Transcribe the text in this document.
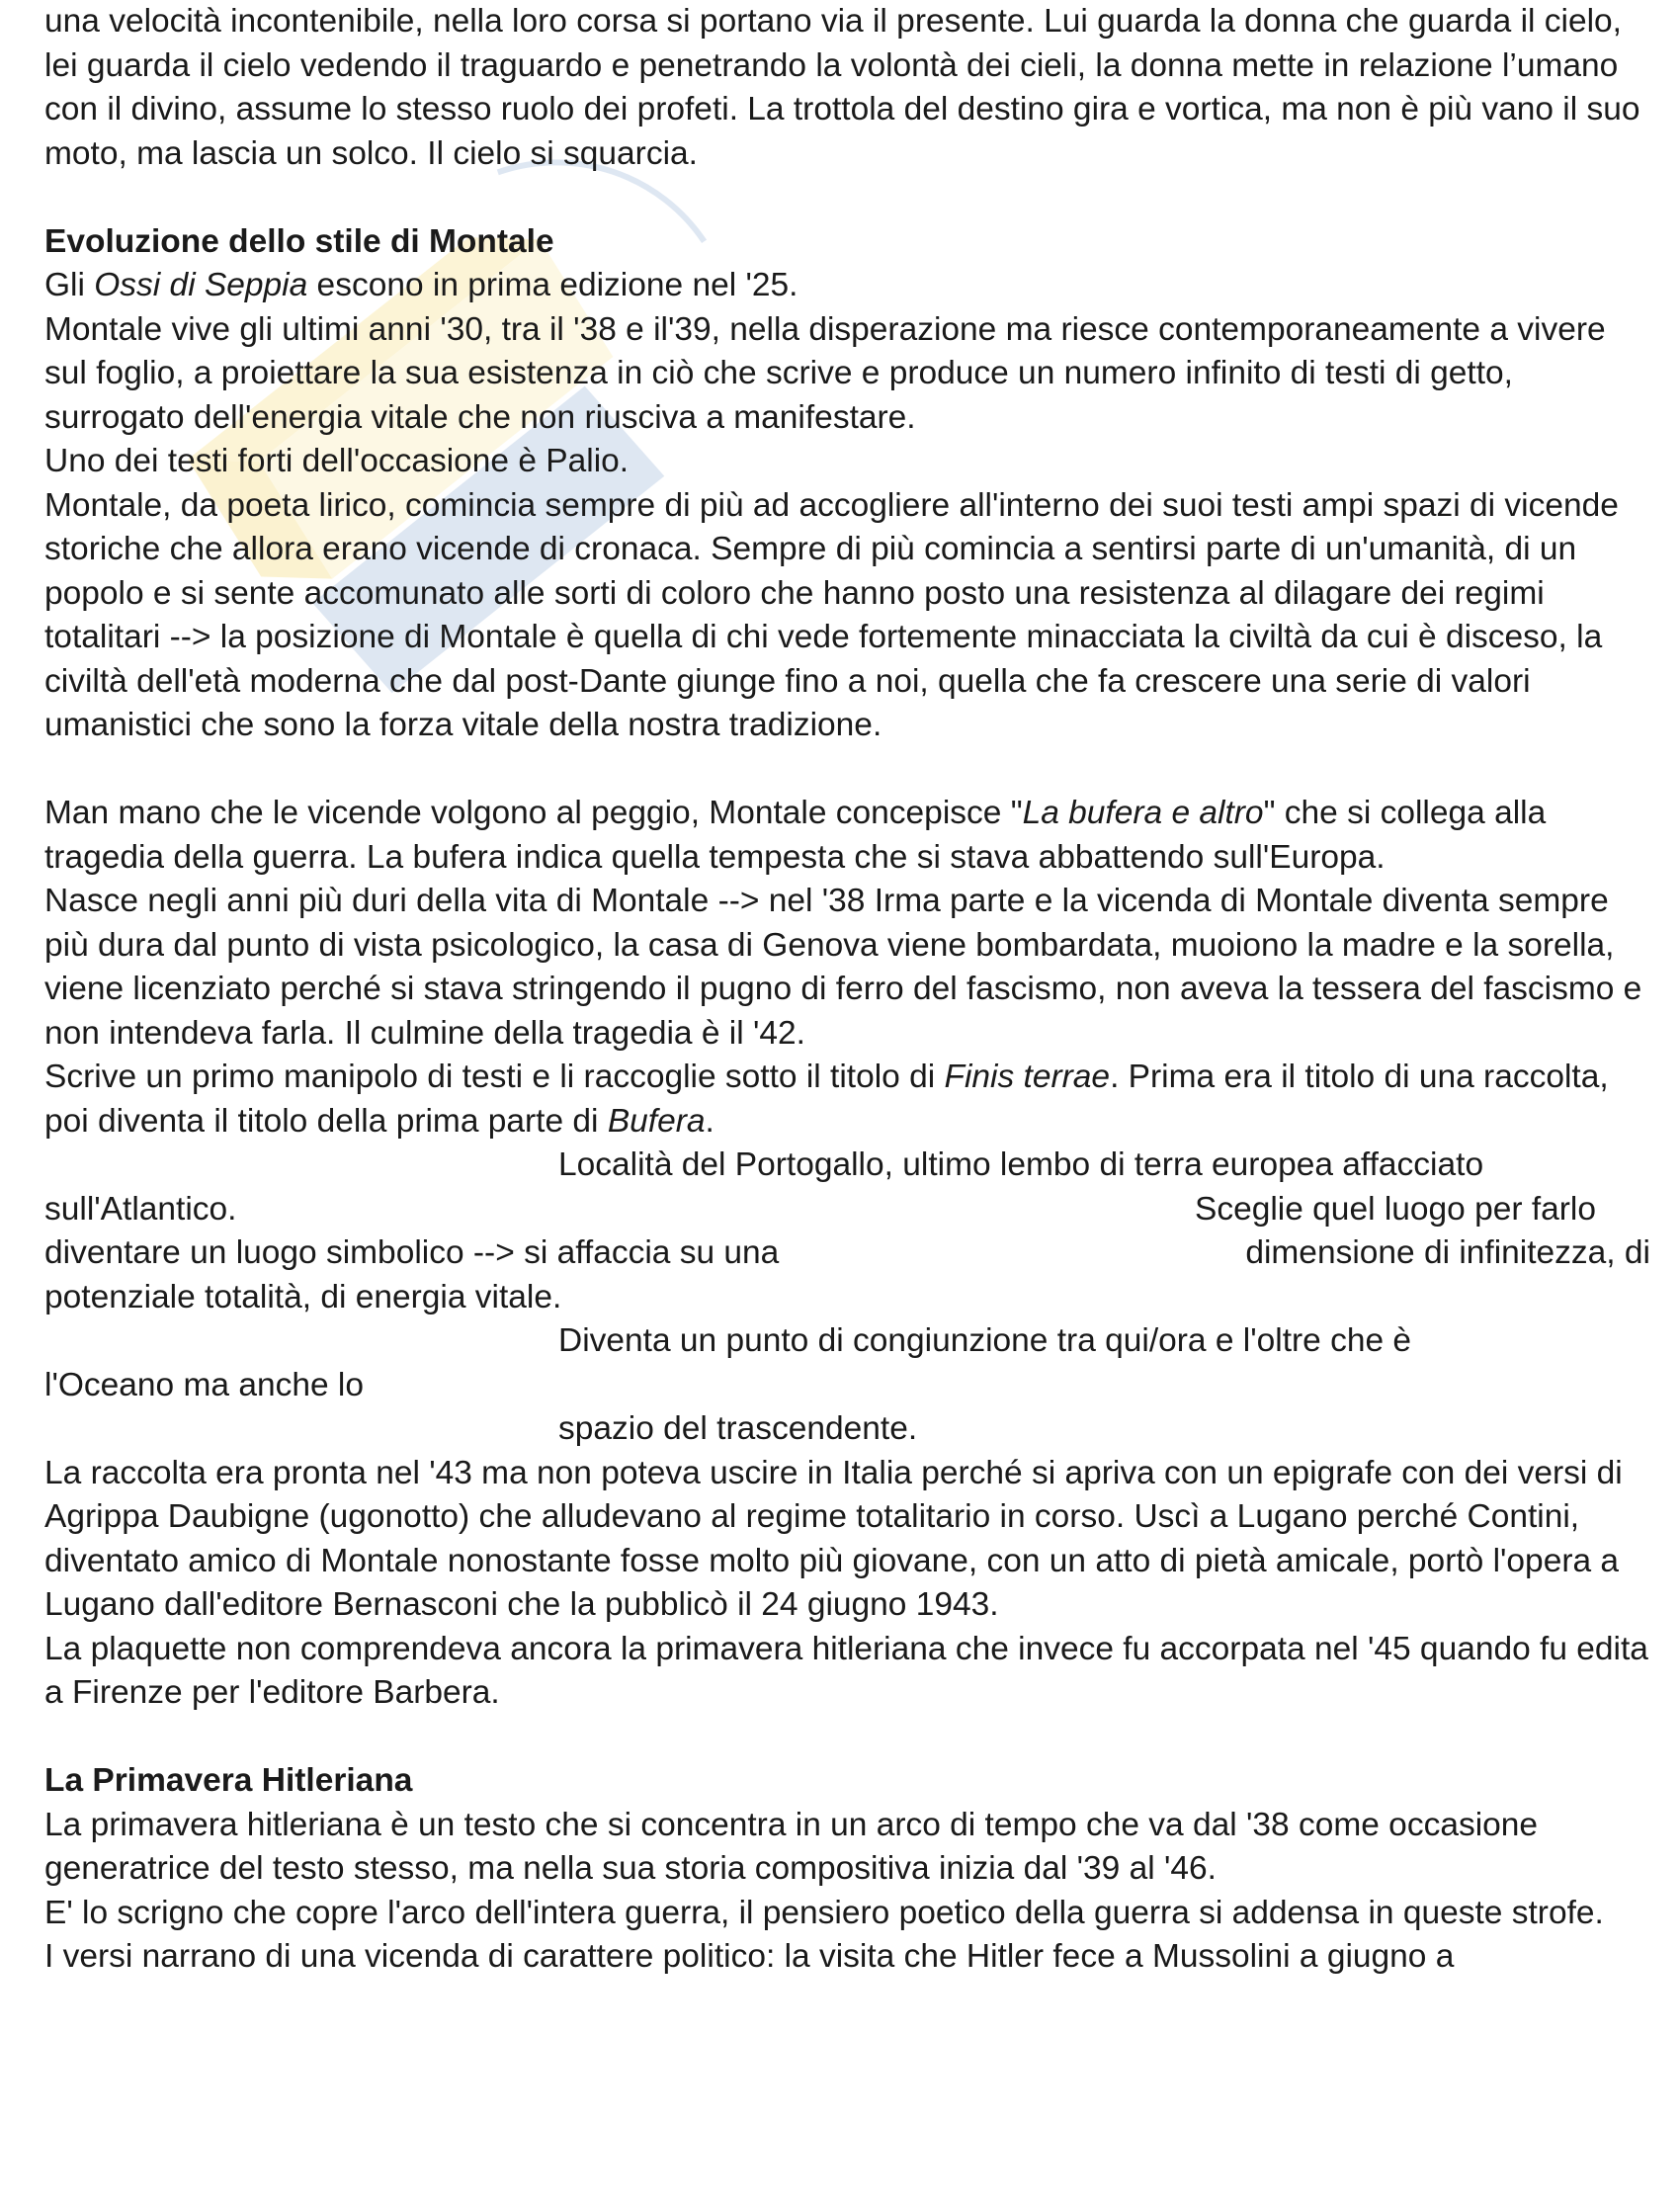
una velocità incontenibile, nella loro corsa si portano via il presente. Lui guarda la donna che guarda il cielo, lei guarda il cielo vedendo il traguardo e penetrando la volontà dei cieli, la donna mette in relazione l’umano con il divino, assume lo stesso ruolo dei profeti. La trottola del destino gira e vortica, ma non è più vano il suo moto, ma lascia un solco. Il cielo si squarcia.

Evoluzione dello stile di Montale

Gli Ossi di Seppia escono in prima edizione nel '25.

Montale vive gli ultimi anni '30, tra il '38 e il'39, nella disperazione ma riesce contemporaneamente a vivere sul foglio, a proiettare la sua esistenza in ciò che scrive e produce un numero infinito di testi di getto, surrogato dell'energia vitale che non riusciva a manifestare.

Uno dei testi forti dell'occasione è Palio.

Montale, da poeta lirico, comincia sempre di più ad accogliere all'interno dei suoi testi ampi spazi di vicende storiche che allora erano vicende di cronaca. Sempre di più comincia a sentirsi parte di un'umanità, di un popolo e si sente accomunato alle sorti di coloro che hanno posto una resistenza al dilagare dei regimi totalitari --> la posizione di Montale è quella di chi vede fortemente minacciata la civiltà da cui è disceso, la civiltà dell'età moderna che dal post-Dante giunge fino a noi, quella che fa crescere una serie di valori umanistici che sono la forza vitale della nostra tradizione.

Man mano che le vicende volgono al peggio, Montale concepisce "La bufera e altro" che si collega alla tragedia della guerra. La bufera indica quella tempesta che si stava abbattendo sull'Europa.

Nasce negli anni più duri della vita di Montale --> nel '38 Irma parte e la vicenda di Montale diventa sempre più dura dal punto di vista psicologico, la casa di Genova viene bombardata, muoiono la madre e la sorella, viene licenziato perché si stava stringendo il pugno di ferro del fascismo, non aveva la tessera del fascismo e non intendeva farla. Il culmine della tragedia è il '42.

Scrive un primo manipolo di testi e li raccoglie sotto il titolo di Finis terrae. Prima era il titolo di una raccolta, poi diventa il titolo della prima parte di Bufera.

Località del Portogallo, ultimo lembo di terra europea affacciato

sull'Atlantico.	Sceglie quel luogo per farlo

diventare un luogo simbolico --> si affaccia su una	dimensione di infinitezza, di

potenziale totalità, di energia vitale.

Diventa un punto di congiunzione tra qui/ora e l'oltre che è

l'Oceano ma anche lo

spazio del trascendente.

La raccolta era pronta nel '43 ma non poteva uscire in Italia perché si apriva con un epigrafe con dei versi di Agrippa Daubigne (ugonotto) che alludevano al regime totalitario in corso. Uscì a Lugano perché Contini, diventato amico di Montale nonostante fosse molto più giovane, con un atto di pietà amicale, portò l'opera a Lugano dall'editore Bernasconi che la pubblicò il 24 giugno 1943.

La plaquette non comprendeva ancora la primavera hitleriana che invece fu accorpata nel '45 quando fu edita a Firenze per l'editore Barbera.

La Primavera Hitleriana

La primavera hitleriana è un testo che si concentra in un arco di tempo che va dal '38 come occasione generatrice del testo stesso, ma nella sua storia compositiva inizia dal '39 al '46.

E' lo scrigno che copre l'arco dell'intera guerra, il pensiero poetico della guerra si addensa in queste strofe.

I versi narrano di una vicenda di carattere politico: la visita che Hitler fece a Mussolini a giugno a
